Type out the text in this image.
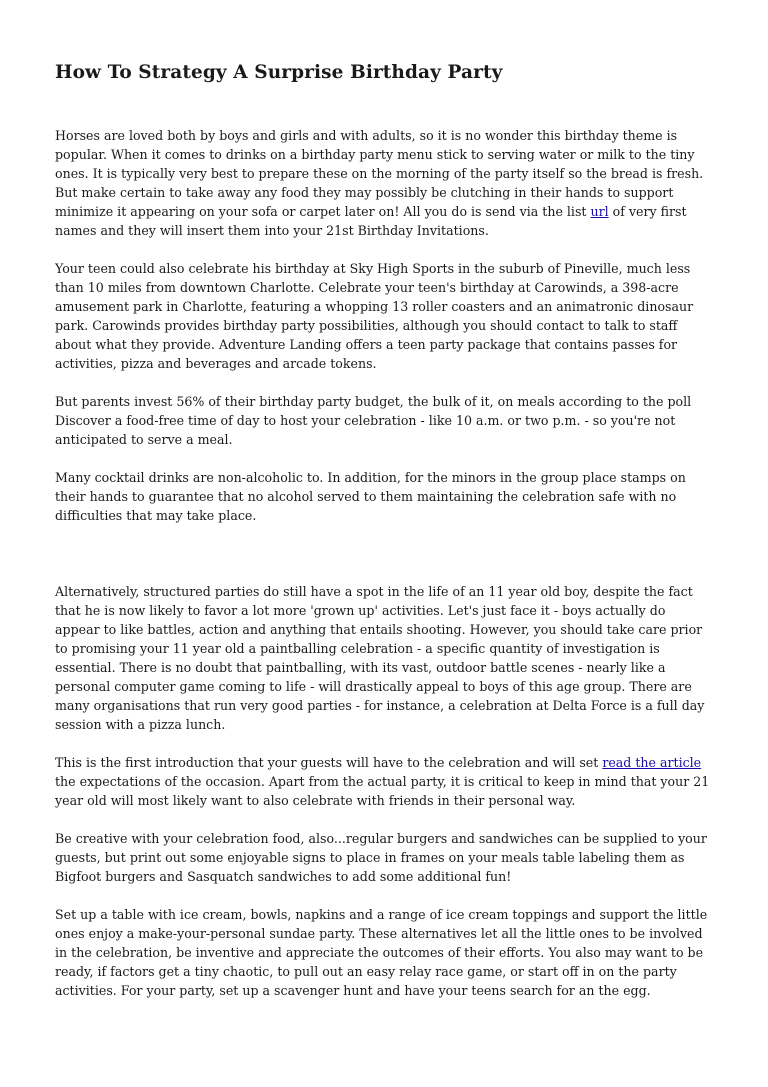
How To Strategy A Surprise Birthday Party

Horses are loved both by boys and girls and with adults, so it is no wonder this birthday theme is popular. When it comes to drinks on a birthday party menu stick to serving water or milk to the tiny ones. It is typically very best to prepare these on the morning of the party itself so the bread is fresh. But make certain to take away any food they may possibly be clutching in their hands to support minimize it appearing on your sofa or carpet later on! All you do is send via the list url of very first names and they will insert them into your 21st Birthday Invitations.

Your teen could also celebrate his birthday at Sky High Sports in the suburb of Pineville, much less than 10 miles from downtown Charlotte. Celebrate your teen's birthday at Carowinds, a 398-acre amusement park in Charlotte, featuring a whopping 13 roller coasters and an animatronic dinosaur park. Carowinds provides birthday party possibilities, although you should contact to talk to staff about what they provide. Adventure Landing offers a teen party package that contains passes for activities, pizza and beverages and arcade tokens.

But parents invest 56% of their birthday party budget, the bulk of it, on meals according to the poll Discover a food-free time of day to host your celebration - like 10 a.m. or two p.m. - so you're not anticipated to serve a meal.

Many cocktail drinks are non-alcoholic to. In addition, for the minors in the group place stamps on their hands to guarantee that no alcohol served to them maintaining the celebration safe with no difficulties that may take place.

Alternatively, structured parties do still have a spot in the life of an 11 year old boy, despite the fact that he is now likely to favor a lot more 'grown up' activities. Let's just face it - boys actually do appear to like battles, action and anything that entails shooting. However, you should take care prior to promising your 11 year old a paintballing celebration - a specific quantity of investigation is essential. There is no doubt that paintballing, with its vast, outdoor battle scenes - nearly like a personal computer game coming to life - will drastically appeal to boys of this age group. There are many organisations that run very good parties - for instance, a celebration at Delta Force is a full day session with a pizza lunch.

This is the first introduction that your guests will have to the celebration and will set read the article the expectations of the occasion. Apart from the actual party, it is critical to keep in mind that your 21 year old will most likely want to also celebrate with friends in their personal way.

Be creative with your celebration food, also...regular burgers and sandwiches can be supplied to your guests, but print out some enjoyable signs to place in frames on your meals table labeling them as Bigfoot burgers and Sasquatch sandwiches to add some additional fun!

Set up a table with ice cream, bowls, napkins and a range of ice cream toppings and support the little ones enjoy a make-your-personal sundae party. These alternatives let all the little ones to be involved in the celebration, be inventive and appreciate the outcomes of their efforts. You also may want to be ready, if factors get a tiny chaotic, to pull out an easy relay race game, or start off in on the party activities. For your party, set up a scavenger hunt and have your teens search for an the egg.
